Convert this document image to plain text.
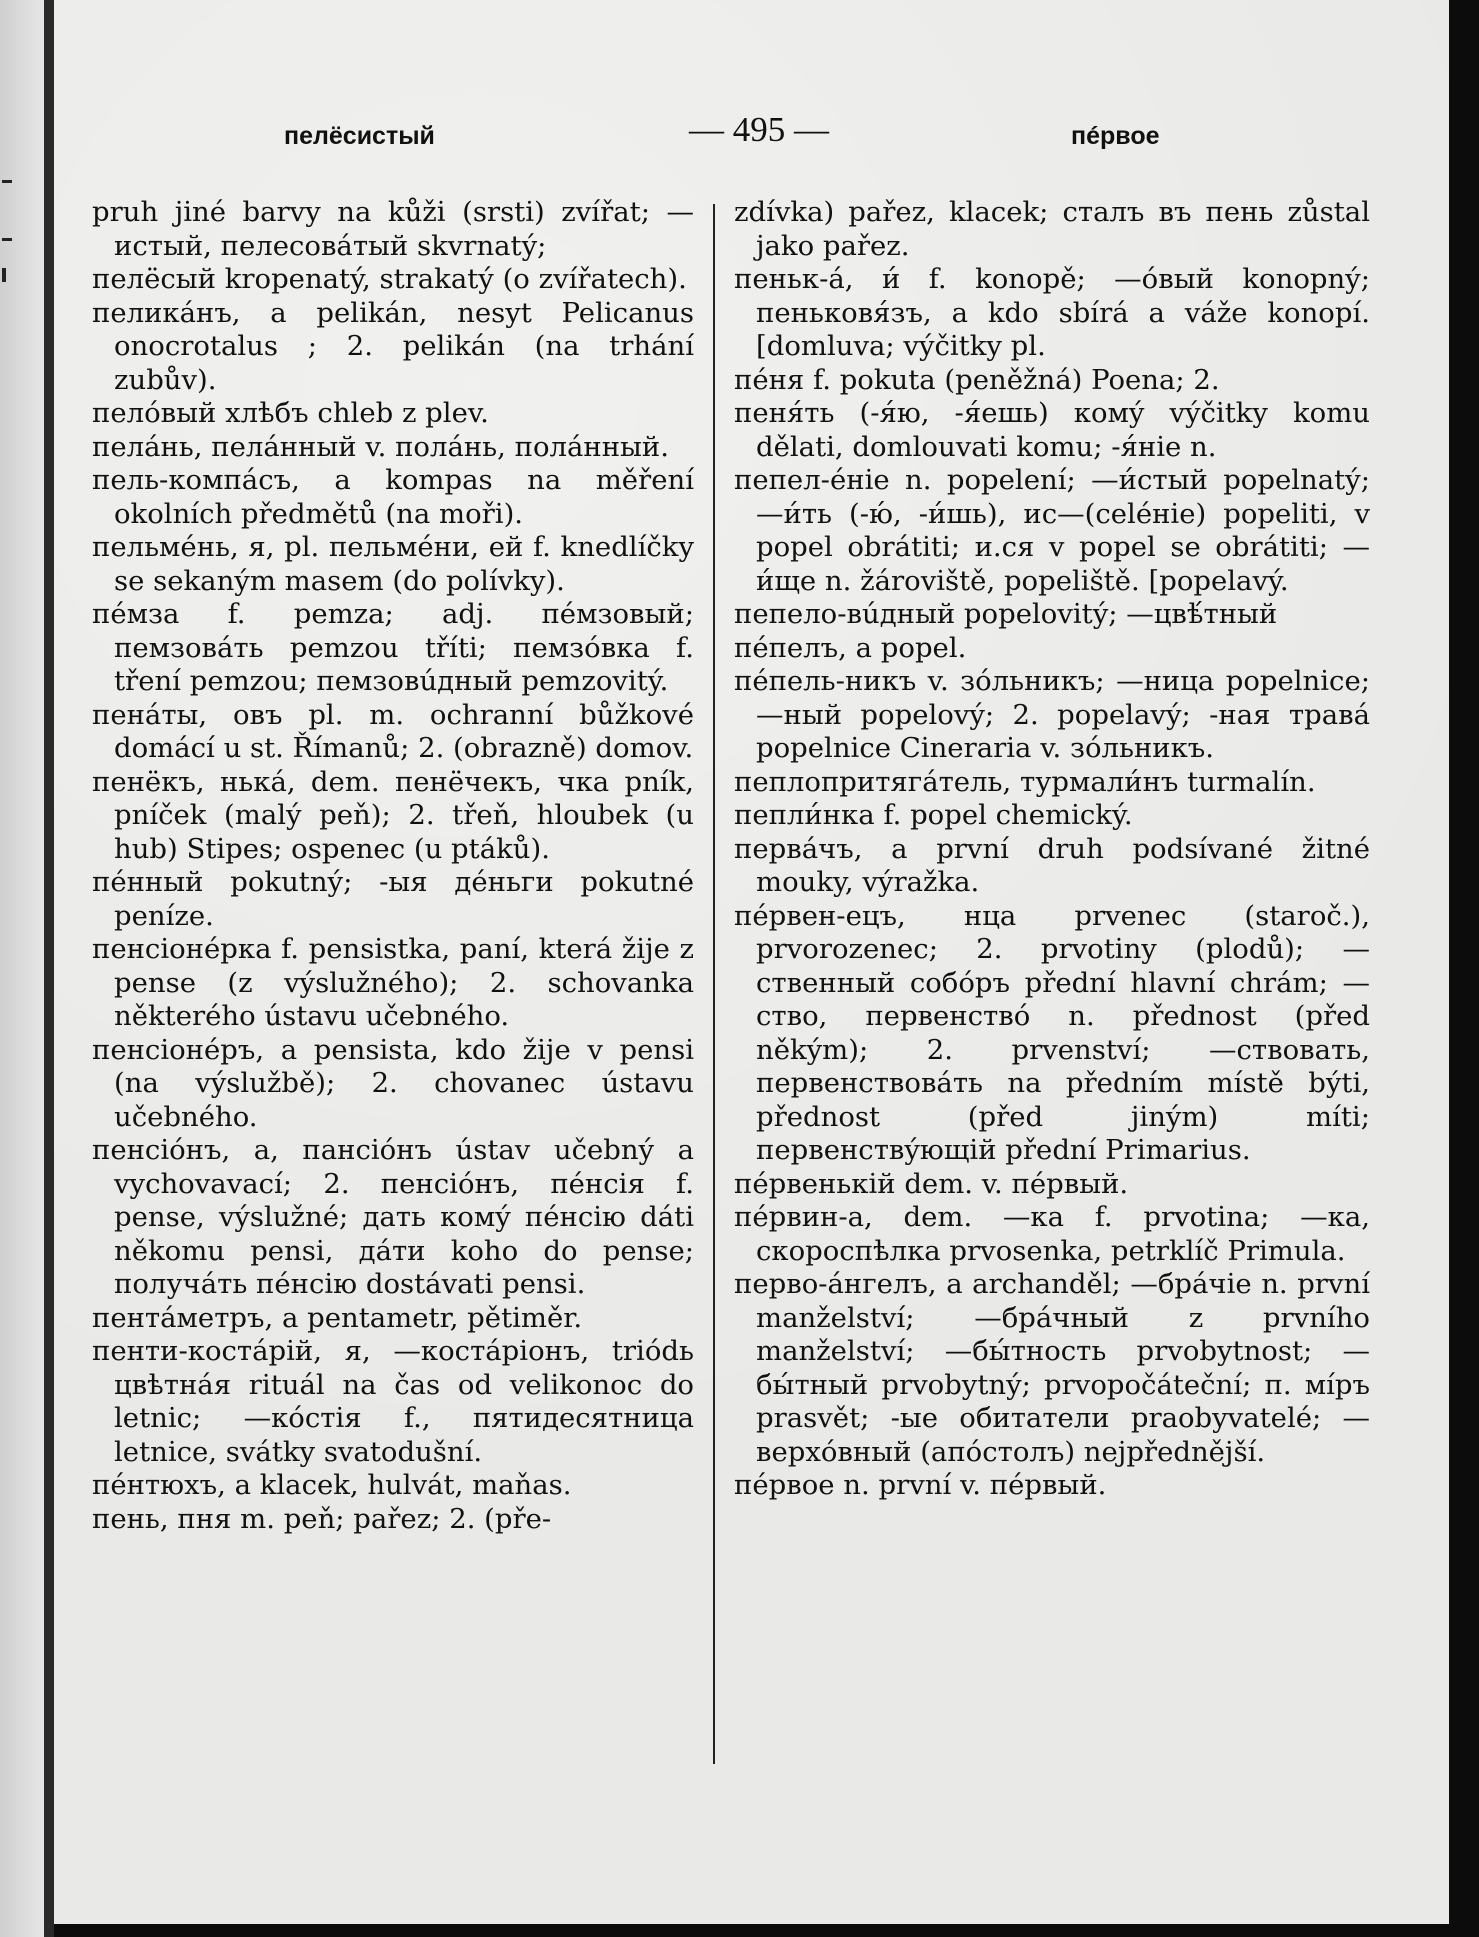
пелёсистый	— 495 —	пéрвое

pruh jiné barvy na kůži (srsti) zvířat; —истый, пелесовáтый skvrnatý;

пелёсый kropenatý, strakatý (o zvířatech).

пеликáнъ, a pelikán, nesyt Pelicanus onocrotalus ; 2. pelikán (na trhání zubův).

пелóвый хлѣбъ chleb z plev.

пелáнь, пелáнный v. полáнь, полáнный.

пель-компáсъ, a kompas na měření okolních předmětů (na moři).

пельмéнь, я, pl. пельмéни, ей f. knedlíčky se sekaným masem (do polívky).

пéмза f. pemza; adj. пéмзовый; пемзовáть pemzou tříti; пемзóвка f. tření pemzou; пемзовúдный pemzovitý.

пенáты, овъ pl. m. ochranní bůžkové domácí u st. Římanů; 2. (obrazně) domov.

пенёкъ, нькá, dem. пенёчекъ, чка pník, pníček (malý peň); 2. třeň, hloubek (u hub) Stipes; ospenec (u ptáků).

пéнный pokutný; -ыя дéньги pokutné peníze.

пенсіонéрка f. pensistka, paní, která žije z pense (z výslužného); 2. schovanka některého ústavu učebného.

пенсіонéръ, a pensista, kdo žije v pensi (na výslužbě); 2. chovanec ústavu učebného.

пенсіóнъ, a, пансіóнъ ústav učebný a vychovavací; 2. пенсіóнъ, пéнсія f. pense, výslužné; дать комý пéнсію dáti někomu pensi, дáти koho do pense; получáть пéнсію dostávati pensi.

пентáметръ, a pentametr, pětiměr.

пенти-костáрій, я, —костáріонъ, triódь цвѣтнáя rituál na čas od velikonoc do letnic; —кóстія f., пятидесятница letnice, svátky svatodušní.

пéнтюхъ, a klacek, hulvát, maňas.

пень, пня m. peň; pařez; 2. (pře-

zdívka) pařez, klacek; сталъ въ пень zůstal jako pařez.

пеньк-á, и́ f. konopě; —óвый konopný; пеньковя́зъ, a kdo sbírá a váže konopí. [domluva; výčitky pl.

пéня f. pokuta (peněžná) Poena; 2.

пеня́ть (-я́ю, -я́ешь) комý výčitky komu dělati, domlouvati komu; -я́ніе n.

пепел-éніе n. popelení; —и́стый popelnatý; —и́ть (-ю́, -и́шь), ис—(celéніе) popeliti, v popel obrátiti; и.ся v popel se obrátiti; —и́ще n. žároviště, popeliště. [popelavý.

пепело-вúдный popelovitý; —цвѣ́тный

пéпелъ, a popel.

пéпель-никъ v. зóльникъ; —ница popelnice; —ный popelový; 2. popelavý; -ная травá popelnice Cineraria v. зóльникъ.

пеплопритягáтель, турмали́нъ turmalín.

пепли́нка f. popel chemický.

первáчъ, a první druh podsívané žitné mouky, výražka.

пéрвен-ецъ, нца prvenec (staroč.), prvorozenec; 2. prvotiny (plodů); —ственный собóръ přední hlavní chrám; —ство, первенствó n. přednost (před někým); 2. prvenství; —ствовать, первенствовáть na předním místě býti, přednost (před jiným) míti; первенствýющій přední Primarius.

пéрвенькій dem. v. пéрвый.

пéрвин-а, dem. —ка f. prvotina; —ка, скороспѣлка prvosenka, petrklíč Primula.

перво-áнгелъ, a archanděl; —брáчіе n. první manželství; —брáчный z prvního manželství; —бы́тность prvobytnost; —бы́тный prvobytný; prvopočáteční; п. мíръ prasvět; -ые обитатели praobyvatelé; —верхóвный (апóстолъ) nejpřednější.

пéрвое n. první v. пéрвый.
